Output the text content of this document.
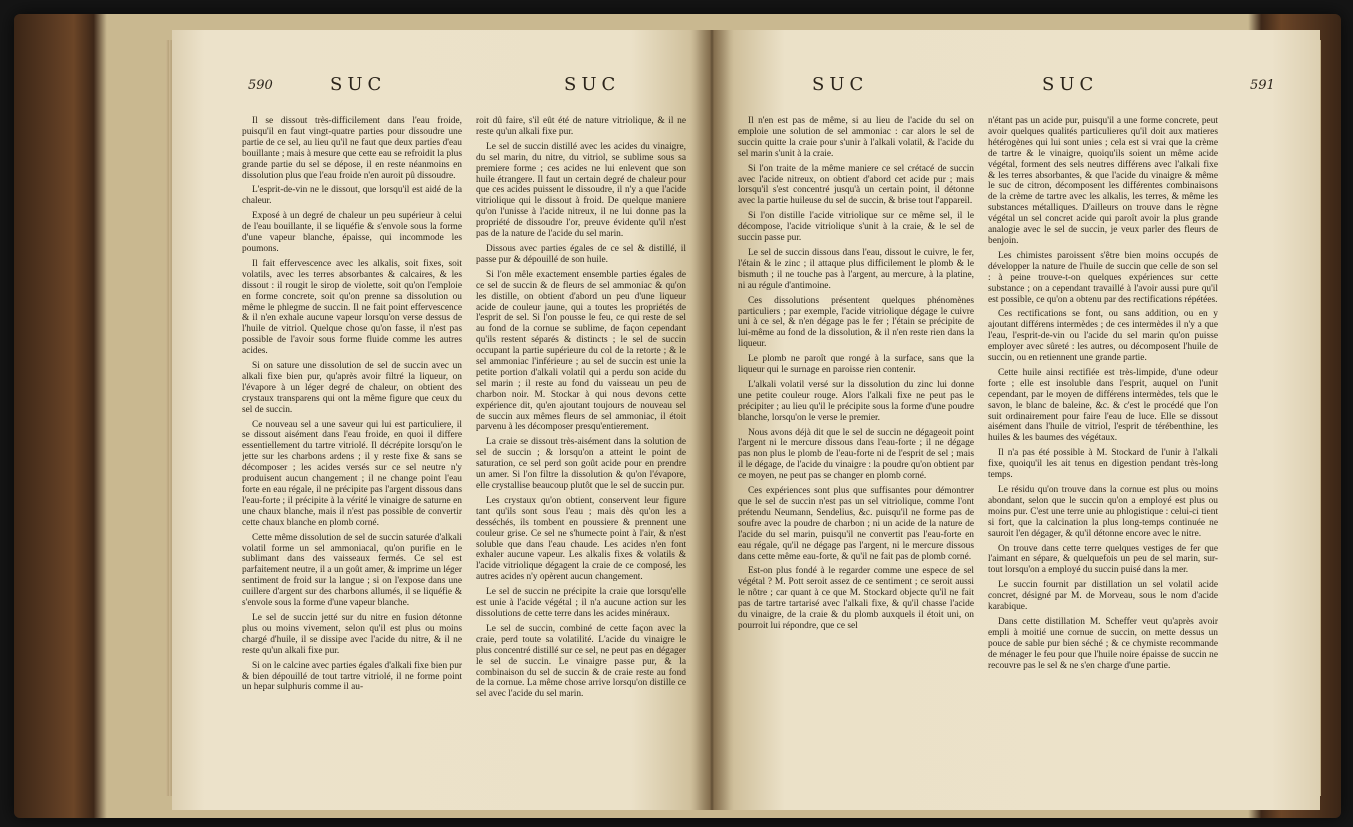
590	SUC	SUC

Il se dissout très-difficilement dans l'eau froide, puisqu'il en faut vingt-quatre parties pour dissoudre une partie de ce sel, au lieu qu'il ne faut que deux parties d'eau bouillante ; mais à mesure que cette eau se refroidit la plus grande partie du sel se dépose, il en reste néanmoins en dissolution plus que l'eau froide n'en auroit pû dissoudre.

L'esprit-de-vin ne le dissout, que lorsqu'il est aidé de la chaleur.

Exposé à un degré de chaleur un peu supérieur à celui de l'eau bouillante, il se liquéfie & s'envole sous la forme d'une vapeur blanche, épaisse, qui incommode les poumons.

Il fait effervescence avec les alkalis, soit fixes, soit volatils, avec les terres absorbantes & calcaires, & les dissout : il rougit le sirop de violette, soit qu'on l'emploie en forme concrete, soit qu'on prenne sa dissolution ou même le phlegme de succin. Il ne fait point effervescence & il n'en exhale aucune vapeur lorsqu'on verse dessus de l'huile de vitriol. Quelque chose qu'on fasse, il n'est pas possible de l'avoir sous forme fluide comme les autres acides.

Si on sature une dissolution de sel de succin avec un alkali fixe bien pur, qu'après avoir filtré la liqueur, on l'évapore à un léger degré de chaleur, on obtient des crystaux transparens qui ont la même figure que ceux du sel de succin.

Ce nouveau sel a une saveur qui lui est particuliere, il se dissout aisément dans l'eau froide, en quoi il differe essentiellement du tartre vitriolé. Il décrépite lorsqu'on le jette sur les charbons ardens ; il y reste fixe & sans se décomposer ; les acides versés sur ce sel neutre n'y produisent aucun changement ; il ne change point l'eau forte en eau régale, il ne précipite pas l'argent dissous dans l'eau-forte ; il précipite à la vérité le vinaigre de saturne en une chaux blanche, mais il n'est pas possible de convertir cette chaux blanche en plomb corné.

Cette même dissolution de sel de succin saturée d'alkali volatil forme un sel ammoniacal, qu'on purifie en le sublimant dans des vaisseaux fermés. Ce sel est parfaitement neutre, il a un goût amer, & imprime un léger sentiment de froid sur la langue ; si on l'expose dans une cuillere d'argent sur des charbons allumés, il se liquéfie & s'envole sous la forme d'une vapeur blanche.

Le sel de succin jetté sur du nitre en fusion détonne plus ou moins vivement, selon qu'il est plus ou moins chargé d'huile, il se dissipe avec l'acide du nitre, & il ne reste qu'un alkali fixe pur.

Si on le calcine avec parties égales d'alkali fixe bien pur & bien dépouillé de tout tartre vitriolé, il ne forme point un hepar sulphuris comme il au-

roit dû faire, s'il eût été de nature vitriolique, & il ne reste qu'un alkali fixe pur.

Le sel de succin distillé avec les acides du vinaigre, du sel marin, du nitre, du vitriol, se sublime sous sa premiere forme ; ces acides ne lui enlevent que son huile étrangere. Il faut un certain degré de chaleur pour que ces acides puissent le dissoudre, il n'y a que l'acide vitriolique qui le dissout à froid. De quelque maniere qu'on l'unisse à l'acide nitreux, il ne lui donne pas la propriété de dissoudre l'or, preuve évidente qu'il n'est pas de la nature de l'acide du sel marin.

Dissous avec parties égales de ce sel & distillé, il passe pur & dépouillé de son huile.

Si l'on mêle exactement ensemble parties égales de ce sel de succin & de fleurs de sel ammoniac & qu'on les distille, on obtient d'abord un peu d'une liqueur acide de couleur jaune, qui a toutes les propriétés de l'esprit de sel. Si l'on pousse le feu, ce qui reste de sel au fond de la cornue se sublime, de façon cependant qu'ils restent séparés & distincts ; le sel de succin occupant la partie supérieure du col de la retorte ; & le sel ammoniac l'inférieure ; au sel de succin est unie la petite portion d'alkali volatil qui a perdu son acide du sel marin ; il reste au fond du vaisseau un peu de charbon noir. M. Stockar à qui nous devons cette expérience dit, qu'en ajoutant toujours de nouveau sel de succin aux mêmes fleurs de sel ammoniac, il étoit parvenu à les décomposer presqu'entierement.

La craie se dissout très-aisément dans la solution de sel de succin ; & lorsqu'on a atteint le point de saturation, ce sel perd son goût acide pour en prendre un amer. Si l'on filtre la dissolution & qu'on l'évapore, elle crystallise beaucoup plutôt que le sel de succin pur.

Les crystaux qu'on obtient, conservent leur figure tant qu'ils sont sous l'eau ; mais dès qu'on les a desséchés, ils tombent en poussiere & prennent une couleur grise. Ce sel ne s'humecte point à l'air, & n'est soluble que dans l'eau chaude. Les acides n'en font exhaler aucune vapeur. Les alkalis fixes & volatils & l'acide vitriolique dégagent la craie de ce composé, les autres acides n'y opèrent aucun changement.

Le sel de succin ne précipite la craie que lorsqu'elle est unie à l'acide végétal ; il n'a aucune action sur les dissolutions de cette terre dans les acides minéraux.

Le sel de succin, combiné de cette façon avec la craie, perd toute sa volatilité. L'acide du vinaigre le plus concentré distillé sur ce sel, ne peut pas en dégager le sel de succin. Le vinaigre passe pur, & la combinaison du sel de succin & de craie reste au fond de la cornue. La même chose arrive lorsqu'on distille ce sel avec l'acide du sel marin.

SUC	SUC	591

Il n'en est pas de même, si au lieu de l'acide du sel on emploie une solution de sel ammoniac : car alors le sel de succin quitte la craie pour s'unir à l'alkali volatil, & l'acide du sel marin s'unit à la craie.

Si l'on traite de la même maniere ce sel crétacé de succin avec l'acide nitreux, on obtient d'abord cet acide pur ; mais lorsqu'il s'est concentré jusqu'à un certain point, il détonne avec la partie huileuse du sel de succin, & brise tout l'appareil.

Si l'on distille l'acide vitriolique sur ce même sel, il le décompose, l'acide vitriolique s'unit à la craie, & le sel de succin passe pur.

Le sel de succin dissous dans l'eau, dissout le cuivre, le fer, l'étain & le zinc ; il attaque plus difficilement le plomb & le bismuth ; il ne touche pas à l'argent, au mercure, à la platine, ni au régule d'antimoine.

Ces dissolutions présentent quelques phénomènes particuliers ; par exemple, l'acide vitriolique dégage le cuivre uni à ce sel, & n'en dégage pas le fer ; l'étain se précipite de lui-même au fond de la dissolution, & il n'en reste rien dans la liqueur.

Le plomb ne paroît que rongé à la surface, sans que la liqueur qui le surnage en paroisse rien contenir.

L'alkali volatil versé sur la dissolution du zinc lui donne une petite couleur rouge. Alors l'alkali fixe ne peut pas le précipiter ; au lieu qu'il le précipite sous la forme d'une poudre blanche, lorsqu'on le verse le premier.

Nous avons déjà dit que le sel de succin ne dégageoit point l'argent ni le mercure dissous dans l'eau-forte ; il ne dégage pas non plus le plomb de l'eau-forte ni de l'esprit de sel ; mais il le dégage, de l'acide du vinaigre : la poudre qu'on obtient par ce moyen, ne peut pas se changer en plomb corné.

Ces expériences sont plus que suffisantes pour démontrer que le sel de succin n'est pas un sel vitriolique, comme l'ont prétendu Neumann, Sendelius, &c. puisqu'il ne forme pas de soufre avec la poudre de charbon ; ni un acide de la nature de l'acide du sel marin, puisqu'il ne convertit pas l'eau-forte en eau régale, qu'il ne dégage pas l'argent, ni le mercure dissous dans cette même eau-forte, & qu'il ne fait pas de plomb corné.

Est-on plus fondé à le regarder comme une espece de sel végétal ? M. Pott seroit assez de ce sentiment ; ce seroit aussi le nôtre ; car quant à ce que M. Stockard objecte qu'il ne fait pas de tartre tartarisé avec l'alkali fixe, & qu'il chasse l'acide du vinaigre, de la craie & du plomb auxquels il étoit uni, on pourroit lui répondre, que ce sel

n'étant pas un acide pur, puisqu'il a une forme concrete, peut avoir quelques qualités particulieres qu'il doit aux matieres hétérogènes qui lui sont unies ; cela est si vrai que la crème de tartre & le vinaigre, quoiqu'ils soient un même acide végétal, forment des sels neutres différens avec l'alkali fixe & les terres absorbantes, & que l'acide du vinaigre & même le suc de citron, décomposent les différentes combinaisons de la crème de tartre avec les alkalis, les terres, & même les substances métalliques. D'ailleurs on trouve dans le règne végétal un sel concret acide qui paroît avoir la plus grande analogie avec le sel de succin, je veux parler des fleurs de benjoin.

Les chimistes paroissent s'être bien moins occupés de développer la nature de l'huile de succin que celle de son sel : à peine trouve-t-on quelques expériences sur cette substance ; on a cependant travaillé à l'avoir aussi pure qu'il est possible, ce qu'on a obtenu par des rectifications répétées.

Ces rectifications se font, ou sans addition, ou en y ajoutant différens intermèdes ; de ces intermèdes il n'y a que l'eau, l'esprit-de-vin ou l'acide du sel marin qu'on puisse employer avec sûreté : les autres, ou décomposent l'huile de succin, ou en retiennent une grande partie.

Cette huile ainsi rectifiée est très-limpide, d'une odeur forte ; elle est insoluble dans l'esprit, auquel on l'unit cependant, par le moyen de différens intermèdes, tels que le savon, le blanc de baleine, &c. & c'est le procédé que l'on suit ordinairement pour faire l'eau de luce. Elle se dissout aisément dans l'huile de vitriol, l'esprit de térébenthine, les huiles & les baumes des végétaux.

Il n'a pas été possible à M. Stockard de l'unir à l'alkali fixe, quoiqu'il les ait tenus en digestion pendant très-long temps.

Le résidu qu'on trouve dans la cornue est plus ou moins abondant, selon que le succin qu'on a employé est plus ou moins pur. C'est une terre unie au phlogistique : celui-ci tient si fort, que la calcination la plus long-temps continuée ne sauroit l'en dégager, & qu'il détonne encore avec le nitre.

On trouve dans cette terre quelques vestiges de fer que l'aimant en sépare, & quelquefois un peu de sel marin, sur-tout lorsqu'on a employé du succin puisé dans la mer.

Le succin fournit par distillation un sel volatil acide concret, désigné par M. de Morveau, sous le nom d'acide karabique.

Dans cette distillation M. Scheffer veut qu'après avoir empli à moitié une cornue de succin, on mette dessus un pouce de sable pur bien séché ; & ce chymiste recommande de ménager le feu pour que l'huile noire épaisse de succin ne recouvre pas le sel & ne s'en charge d'une partie.
